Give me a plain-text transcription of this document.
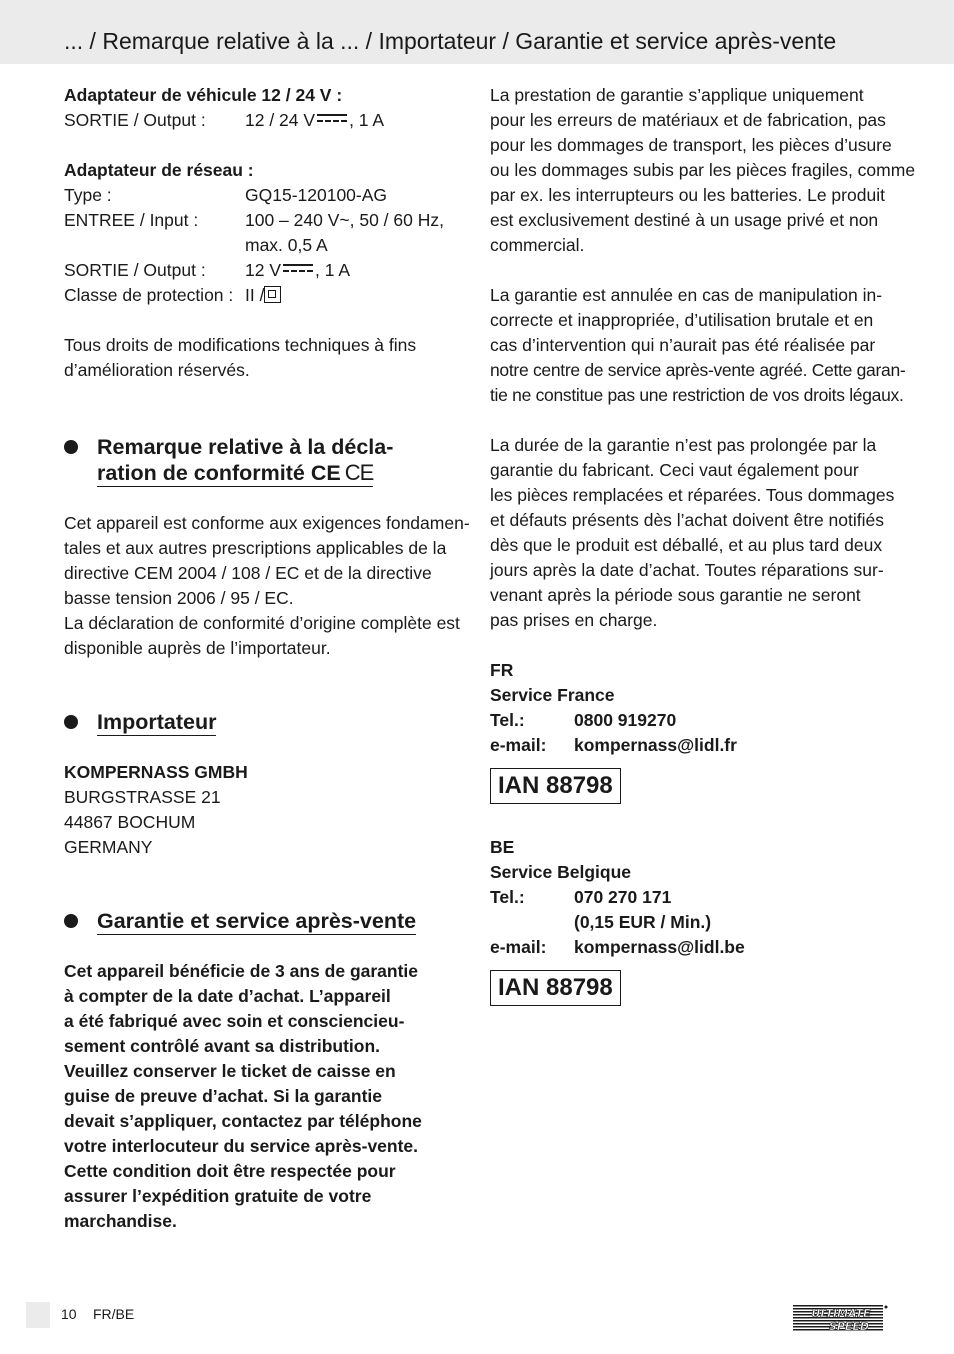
... / Remarque relative à la ... / Importateur / Garantie et service après-vente
Adaptateur de véhicule 12 / 24 V :
SORTIE / Output :	12 / 24 V , 1 A
Adaptateur de réseau :
Type :	GQ15-120100-AG
ENTREE / Input :	100 – 240 V~, 50 / 60 Hz,
max. 0,5 A
SORTIE / Output :	12 V , 1 A
Classe de protection : II /
Tous droits de modifications techniques à fins
d’amélioration réservés.
Remarque relative à la décla-
ration de conformité CE CE
Cet appareil est conforme aux exigences fondamen-
tales et aux autres prescriptions applicables de la
directive CEM 2004 / 108 / EC et de la directive
basse tension 2006 / 95 / EC.
La déclaration de conformité d’origine complète est
disponible auprès de l’importateur.
Importateur
KOMPERNASS GMBH
BURGSTRASSE 21
44867 BOCHUM
GERMANY
Garantie et service après-vente
Cet appareil bénéficie de 3 ans de garantie
à compter de la date d’achat. L’appareil
a été fabriqué avec soin et consciencieu-
sement contrôlé avant sa distribution.
Veuillez conserver le ticket de caisse en
guise de preuve d’achat. Si la garantie
devait s’appliquer, contactez par téléphone
votre interlocuteur du service après-vente.
Cette condition doit être respectée pour
assurer l’expédition gratuite de votre
marchandise.
La prestation de garantie s’applique uniquement
pour les erreurs de matériaux et de fabrication, pas
pour les dommages de transport, les pièces d’usure
ou les dommages subis par les pièces fragiles, comme
par ex. les interrupteurs ou les batteries. Le produit
est exclusivement destiné à un usage privé et non
commercial.
La garantie est annulée en cas de manipulation in-
correcte et inappropriée, d’utilisation brutale et en
cas d’intervention qui n’aurait pas été réalisée par
notre centre de service après-vente agréé. Cette garan-
tie ne constitue pas une restriction de vos droits légaux.
La durée de la garantie n’est pas prolongée par la
garantie du fabricant. Ceci vaut également pour
les pièces remplacées et réparées. Tous dommages
et défauts présents dès l’achat doivent être notifiés
dès que le produit est déballé, et au plus tard deux
jours après la date d’achat. Toutes réparations sur-
venant après la période sous garantie ne seront
pas prises en charge.
FR
Service France
Tel.:	0800 919270
e-mail:	kompernass@lidl.fr
IAN 88798
BE
Service Belgique
Tel.:	070 270 171
(0,15 EUR / Min.)
e-mail:	kompernass@lidl.be
IAN 88798
10 FR/BE	ULTIMATE
SPEED
